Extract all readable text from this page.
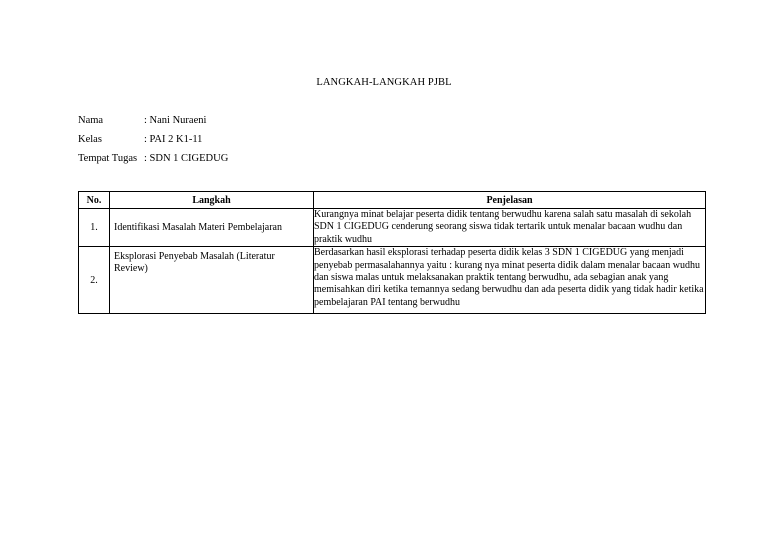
LANGKAH-LANGKAH PJBL
Nama	: Nani Nuraeni
Kelas	: PAI 2 K1-11
Tempat Tugas : SDN 1 CIGEDUG
No.	Langkah	Penjelasan
1.	Identifikasi Masalah Materi Pembelajaran	Kurangnya minat belajar peserta didik tentang berwudhu karena salah satu masalah di sekolah SDN 1 CIGEDUG cenderung seorang siswa tidak tertarik untuk menalar bacaan wudhu dan praktik wudhu
2.	Eksplorasi Penyebab Masalah (Literatur Review)	Berdasarkan hasil eksplorasi terhadap peserta didik kelas 3 SDN 1 CIGEDUG yang menjadi penyebab permasalahannya yaitu : kurang nya minat peserta didik dalam menalar bacaan wudhu dan siswa malas untuk melaksanakan praktik tentang berwudhu, ada sebagian anak yang memisahkan diri ketika temannya sedang berwudhu dan ada peserta didik yang tidak hadir ketika pembelajaran PAI tentang berwudhu
